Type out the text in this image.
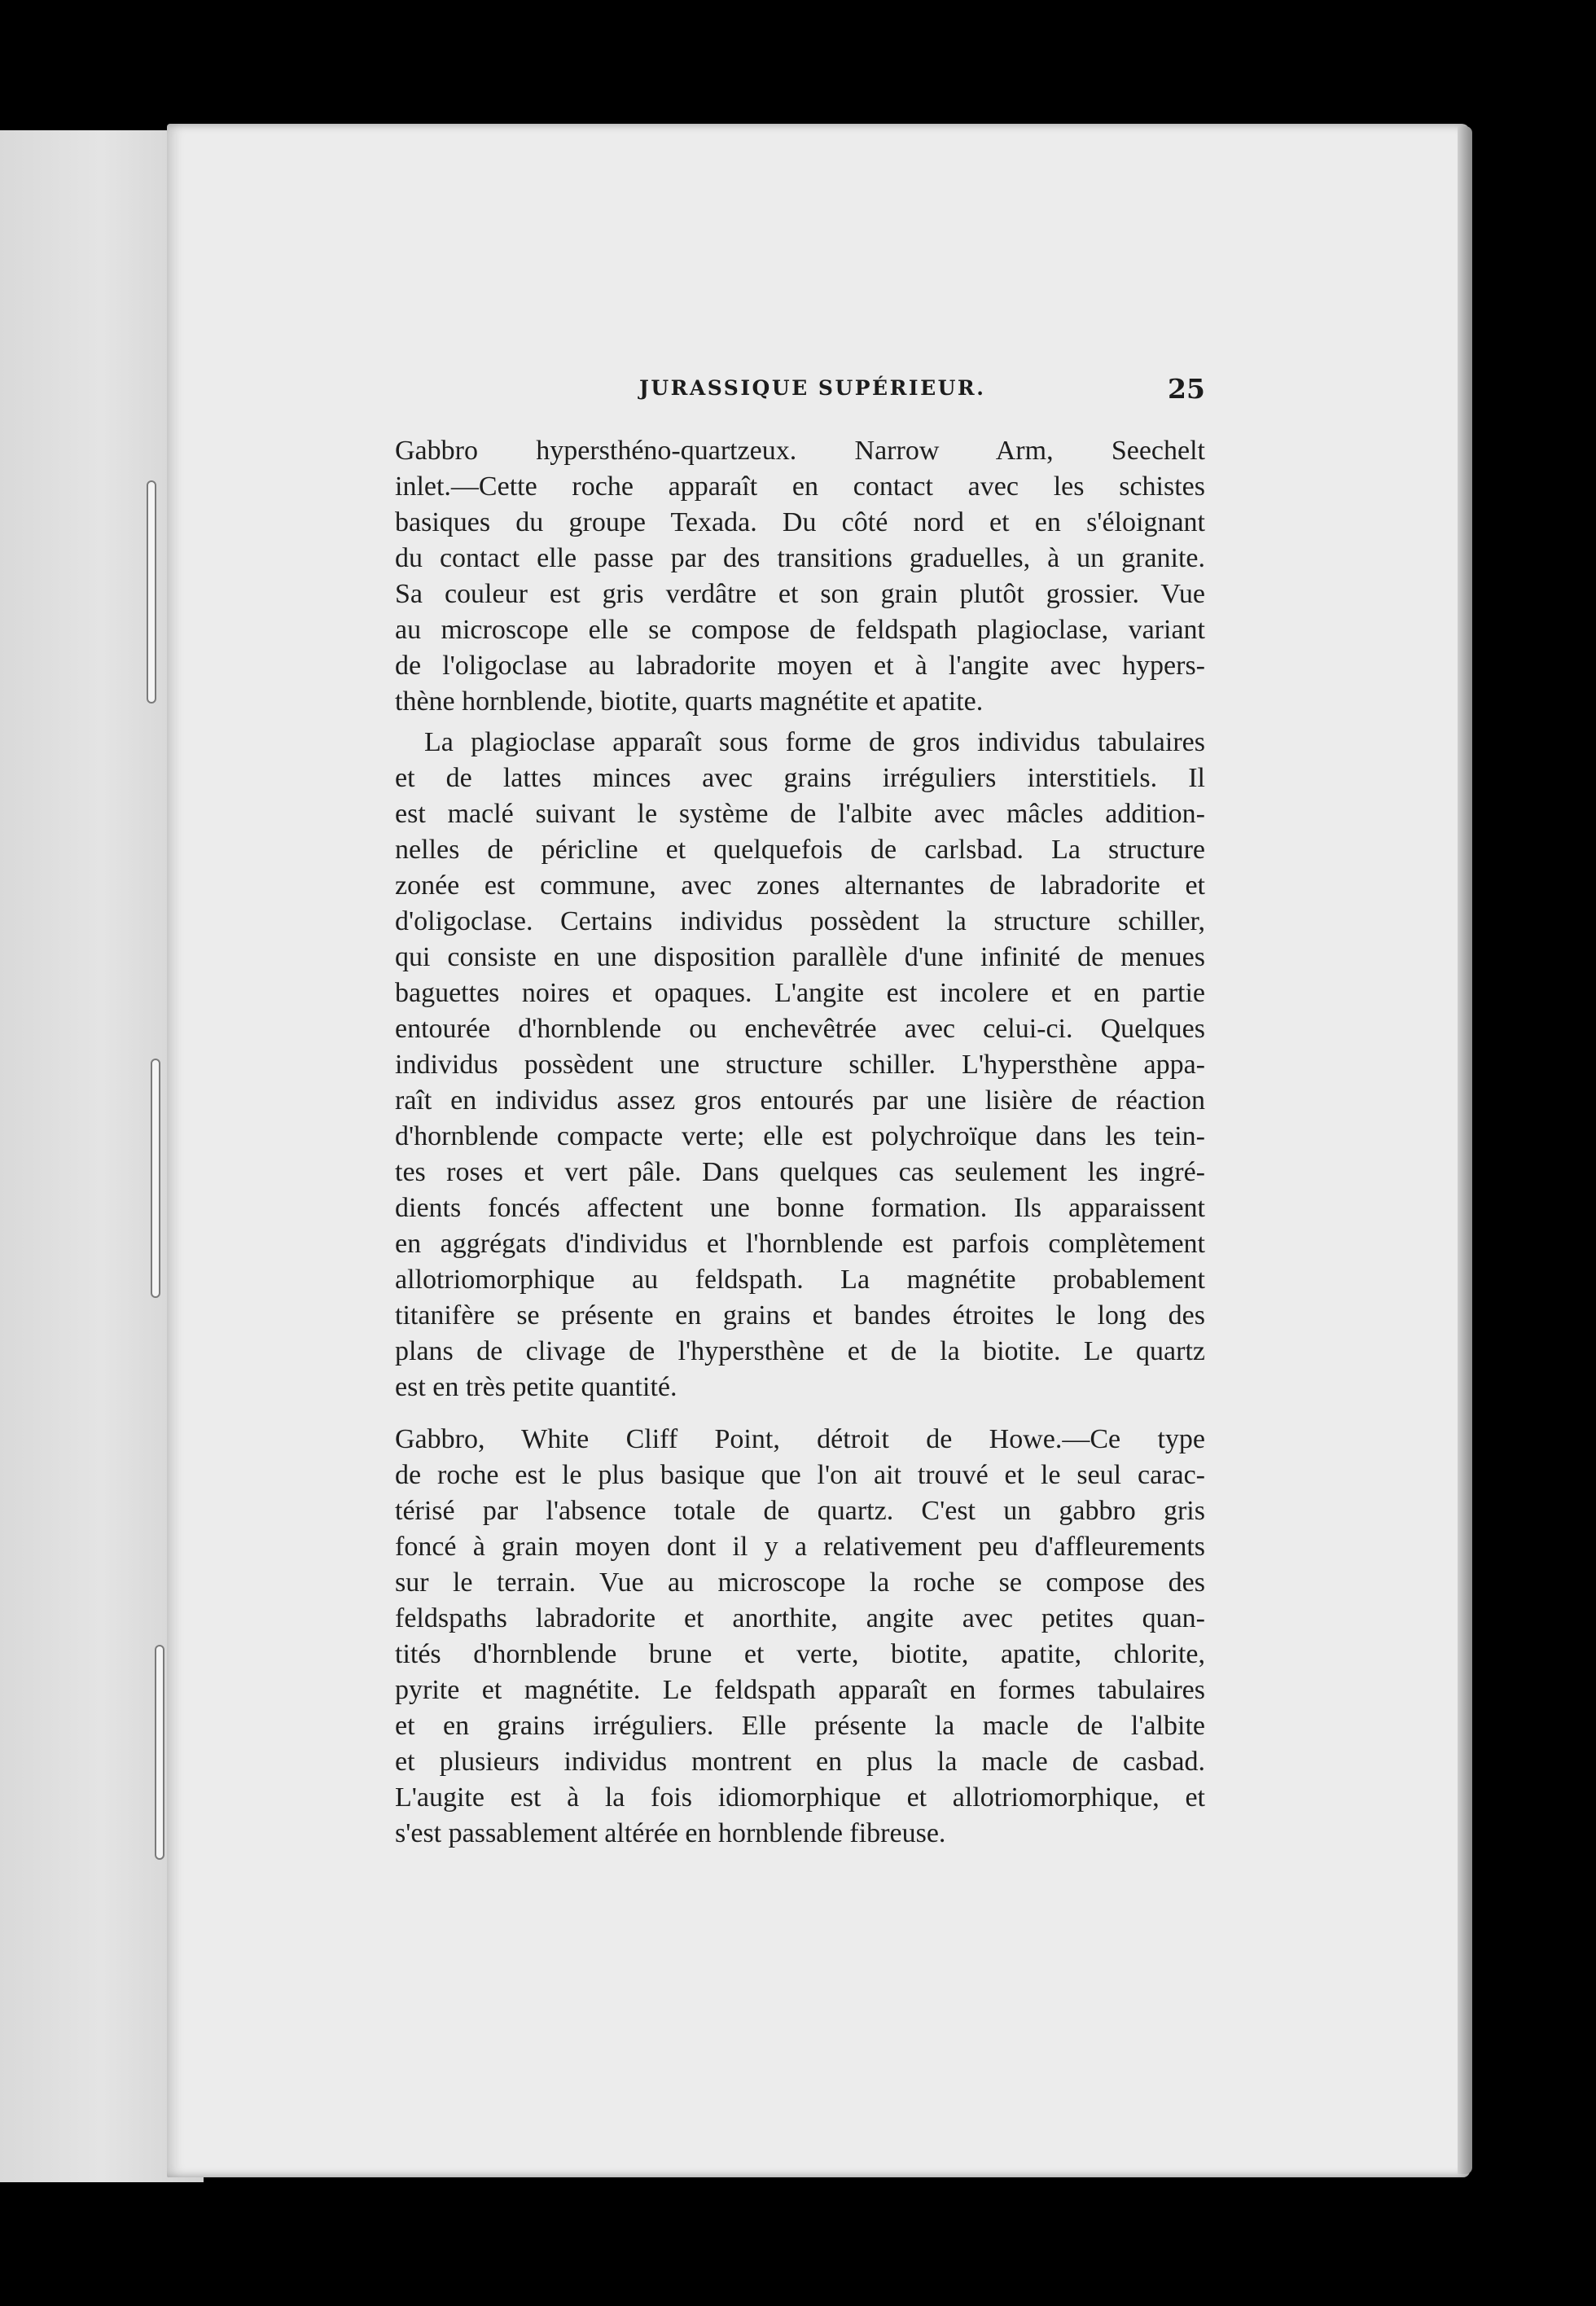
JURASSIQUE SUPÉRIEUR.	25
Gabbro hypersthéno-quartzeux. Narrow Arm, Seechelt
inlet.—Cette roche apparaît en contact avec les schistes
basiques du groupe Texada. Du côté nord et en s'éloignant
du contact elle passe par des transitions graduelles, à un granite.
Sa couleur est gris verdâtre et son grain plutôt grossier. Vue
au microscope elle se compose de feldspath plagioclase, variant
de l'oligoclase au labradorite moyen et à l'angite avec hypers-
thène hornblende, biotite, quarts magnétite et apatite.
La plagioclase apparaît sous forme de gros individus tabulaires
et de lattes minces avec grains irréguliers interstitiels. Il
est maclé suivant le système de l'albite avec mâcles addition-
nelles de péricline et quelquefois de carlsbad. La structure
zonée est commune, avec zones alternantes de labradorite et
d'oligoclase. Certains individus possèdent la structure schiller,
qui consiste en une disposition parallèle d'une infinité de menues
baguettes noires et opaques. L'angite est incolere et en partie
entourée d'hornblende ou enchevêtrée avec celui-ci. Quelques
individus possèdent une structure schiller. L'hypersthène appa-
raît en individus assez gros entourés par une lisière de réaction
d'hornblende compacte verte; elle est polychroïque dans les tein-
tes roses et vert pâle. Dans quelques cas seulement les ingré-
dients foncés affectent une bonne formation. Ils apparaissent
en aggrégats d'individus et l'hornblende est parfois complètement
allotriomorphique au feldspath. La magnétite probablement
titanifère se présente en grains et bandes étroites le long des
plans de clivage de l'hypersthène et de la biotite. Le quartz
est en très petite quantité.
Gabbro, White Cliff Point, détroit de Howe.—Ce type
de roche est le plus basique que l'on ait trouvé et le seul carac-
térisé par l'absence totale de quartz. C'est un gabbro gris
foncé à grain moyen dont il y a relativement peu d'affleurements
sur le terrain. Vue au microscope la roche se compose des
feldspaths labradorite et anorthite, angite avec petites quan-
tités d'hornblende brune et verte, biotite, apatite, chlorite,
pyrite et magnétite. Le feldspath apparaît en formes tabulaires
et en grains irréguliers. Elle présente la macle de l'albite
et plusieurs individus montrent en plus la macle de casbad.
L'augite est à la fois idiomorphique et allotriomorphique, et
s'est passablement altérée en hornblende fibreuse.
